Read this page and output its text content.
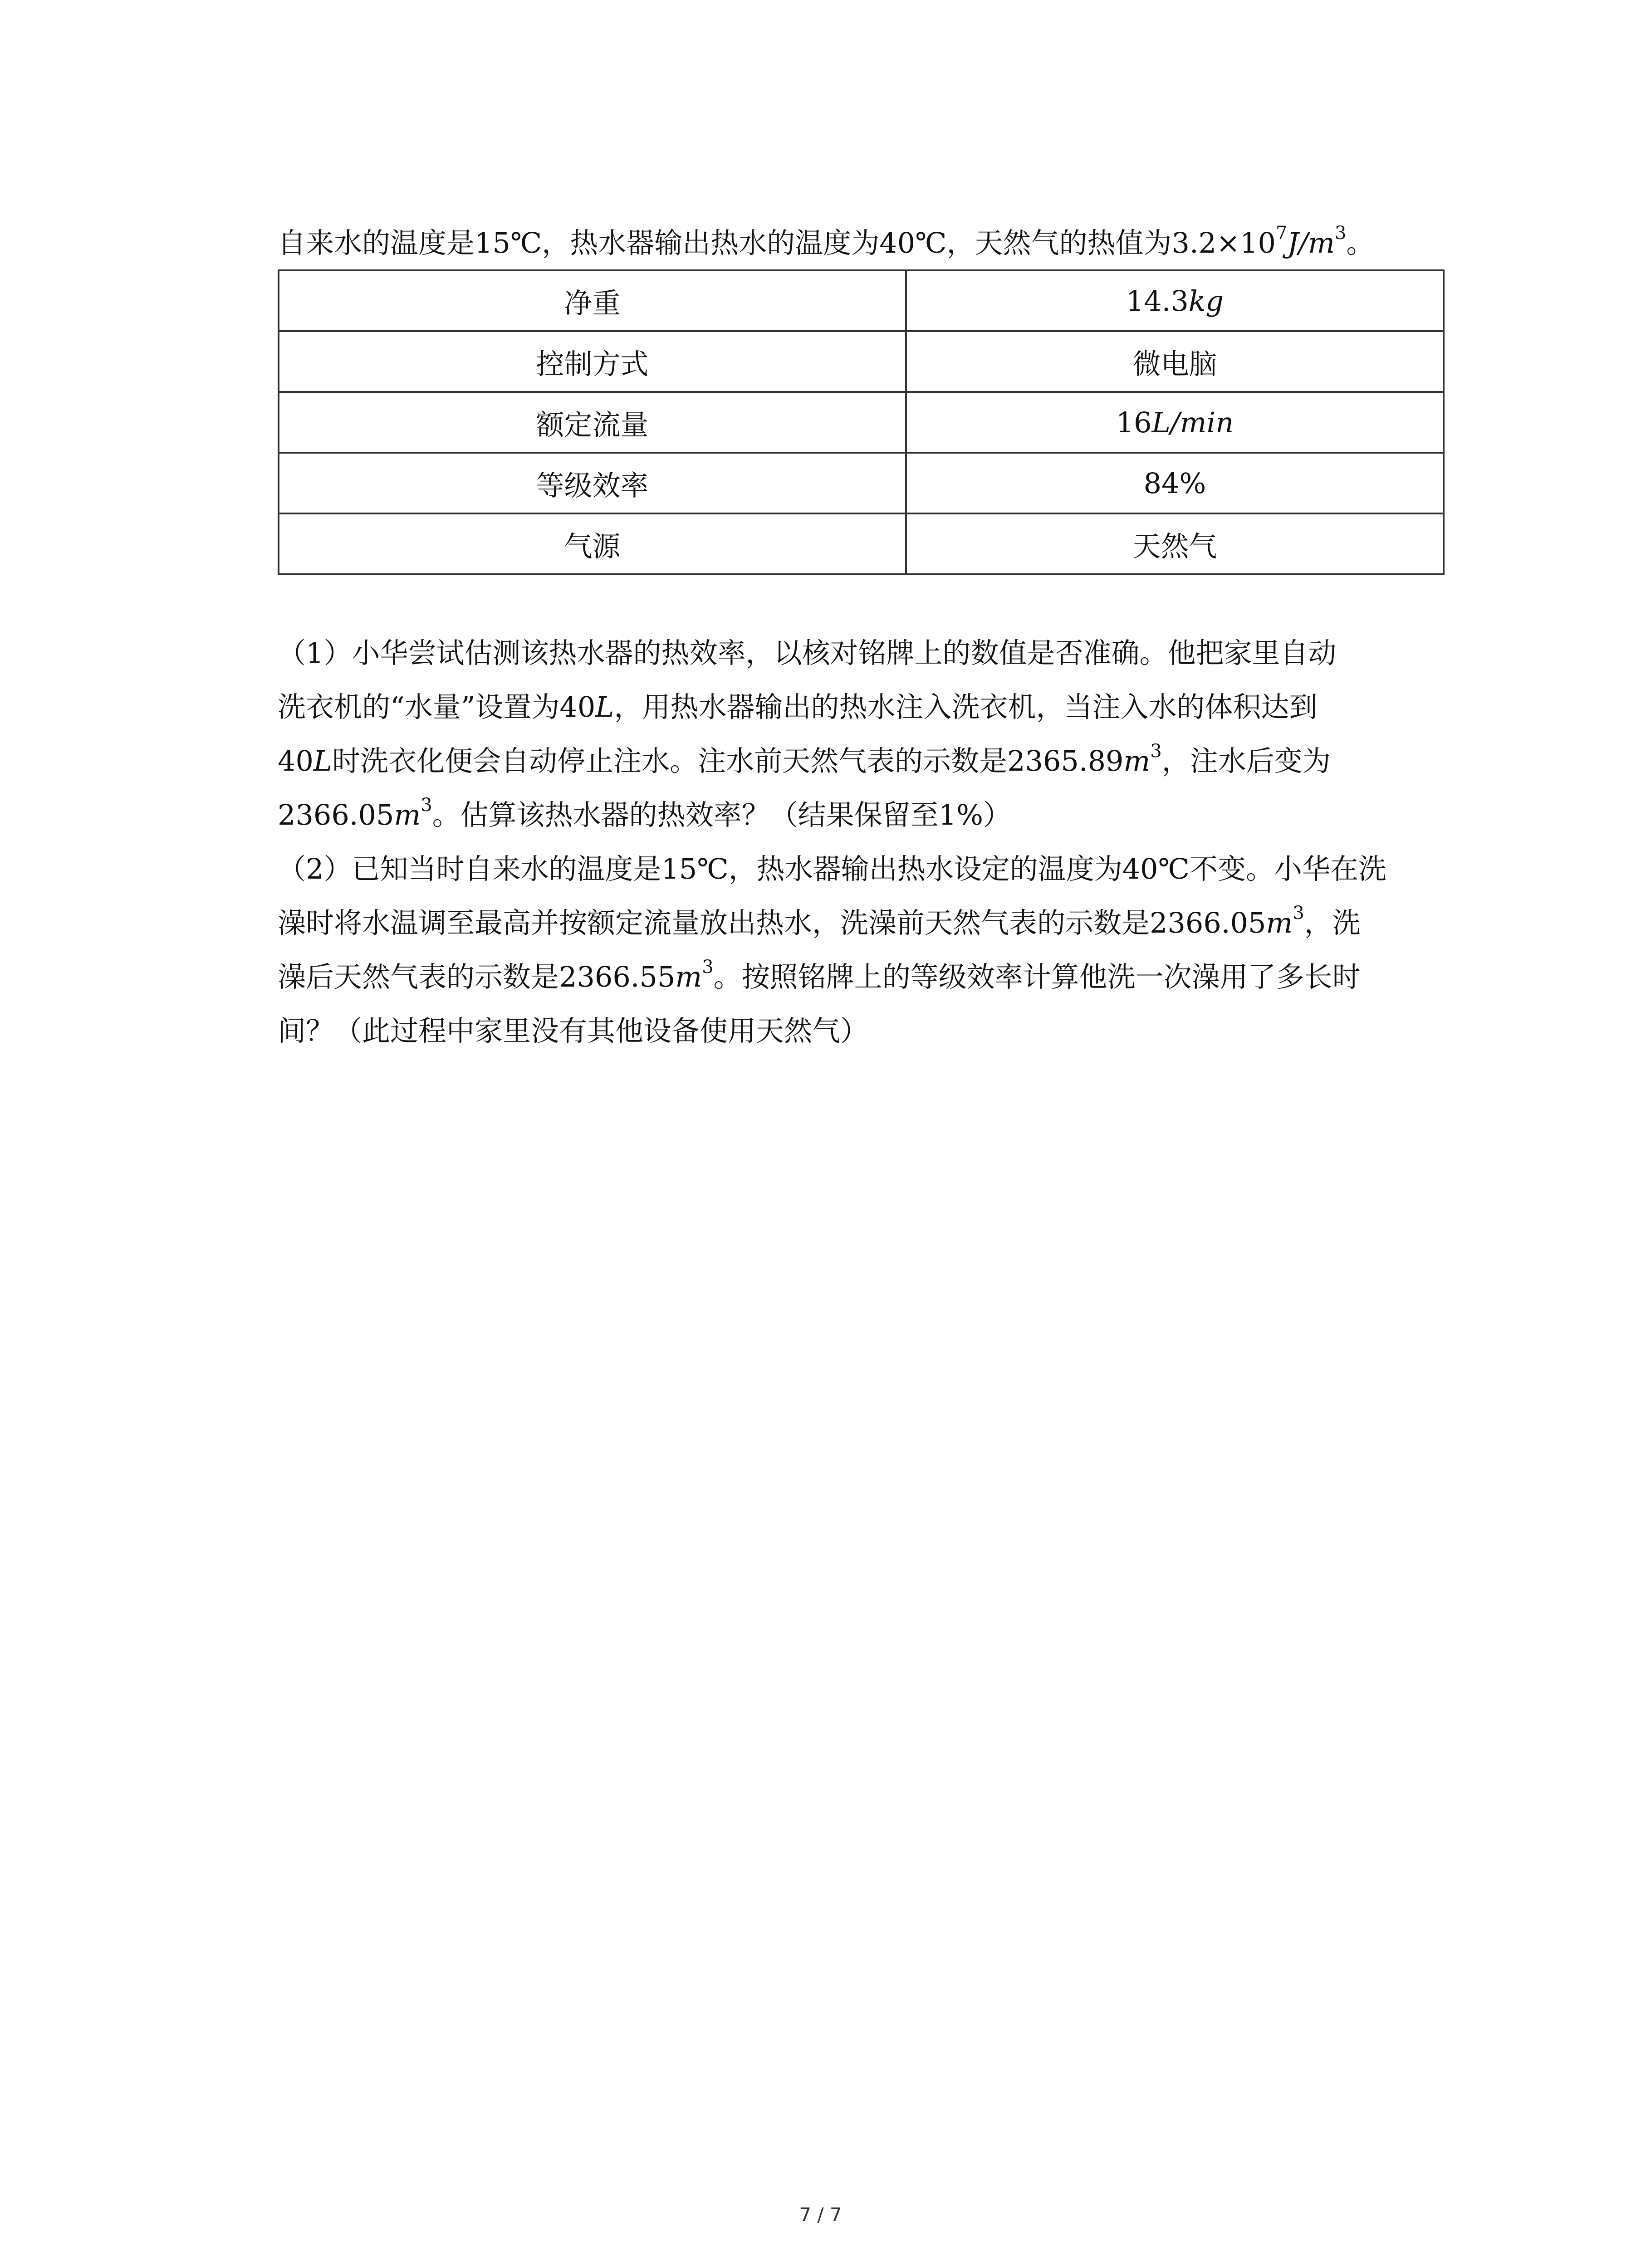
自来水的温度是15℃，热水器输出热水的温度为40℃，天然气的热值为$3.2\times 10^7J/m^3$。
净重	14.3kg
控制方式	微电脑
额定流量	16L/min
等级效率	84%
气源	天然气
（1）小华尝试估测该热水器的热效率，以核对铭牌上的数值是否准确。他把家里自动
洗衣机的“水量”设置为40L，用热水器输出的热水注入洗衣机，当注入水的体积达到
40L时洗衣化便会自动停止注水。注水前天然气表的示数是$2365.89m^3$，注水后变为
$2366.05m^3$。估算该热水器的热效率？（结果保留至1%）
（2）已知当时自来水的温度是15℃，热水器输出热水设定的温度为40℃不变。小华在洗
澡时将水温调至最高并按额定流量放出热水，洗澡前天然气表的示数是$2366.05m^3$，洗
澡后天然气表的示数是$2366.55m^3$。按照铭牌上的等级效率计算他洗一次澡用了多长时
间？（此过程中家里没有其他设备使用天然气）
7 / 7
